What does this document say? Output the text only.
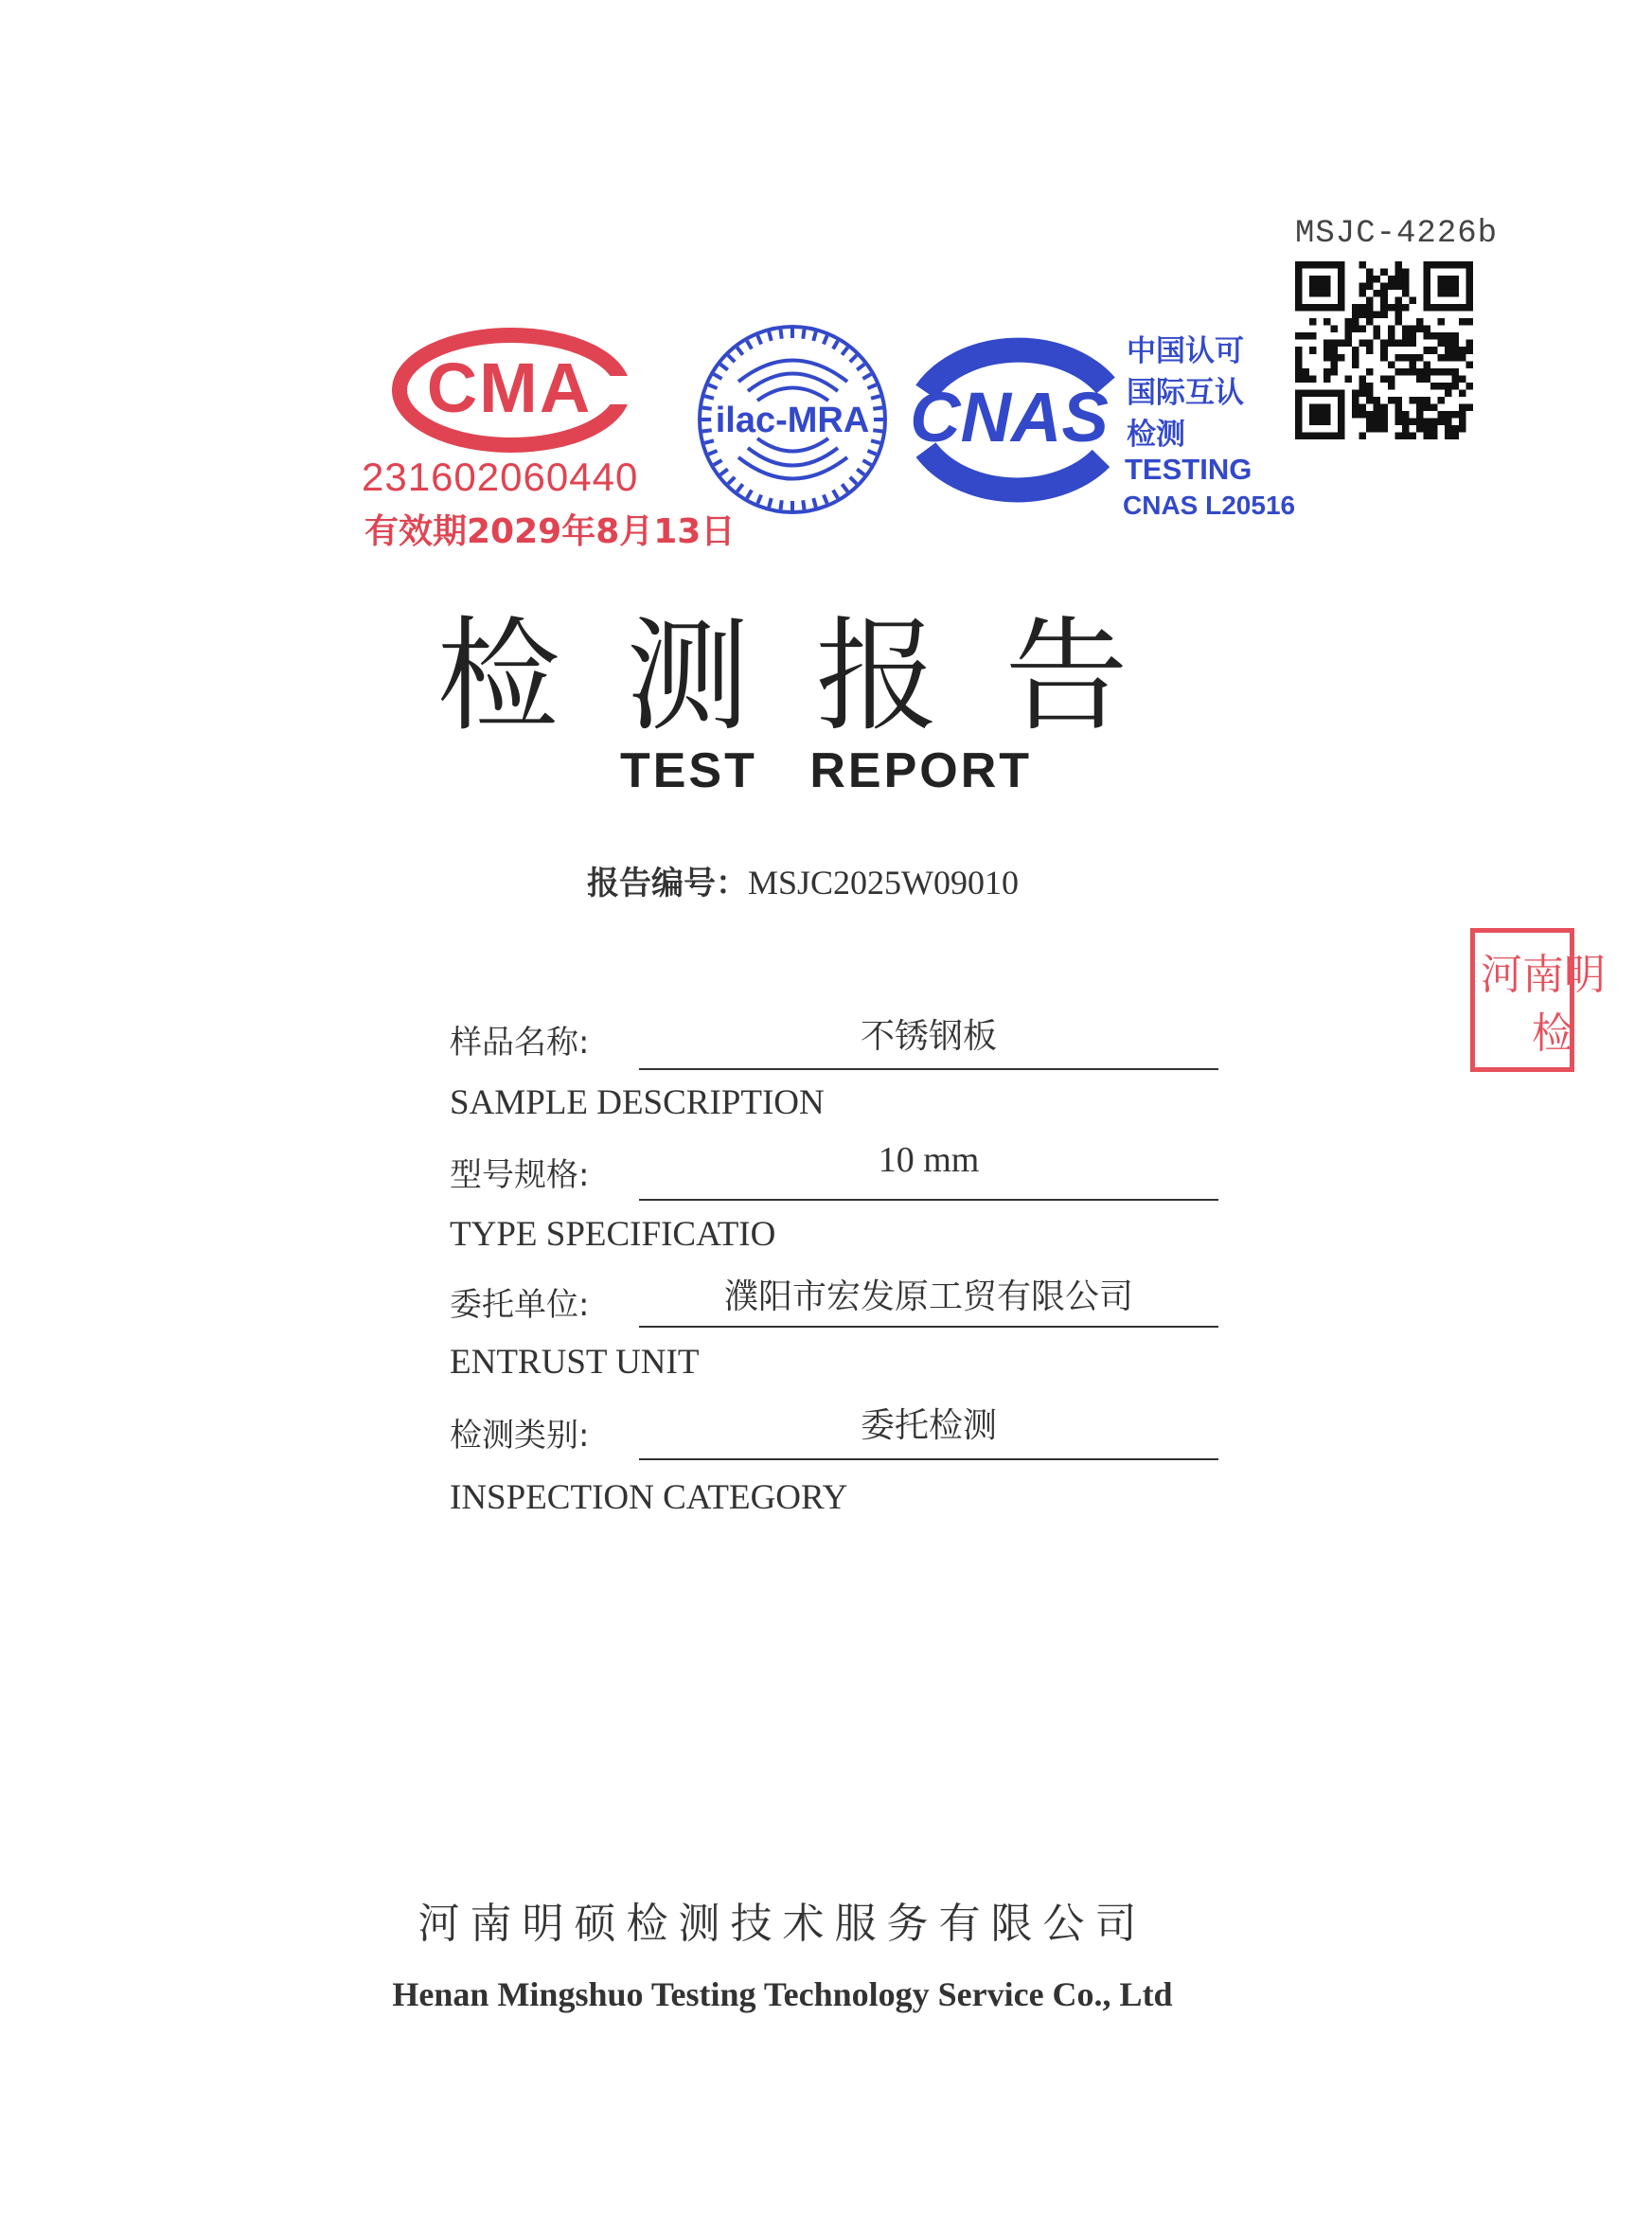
MSJC-4226b
CMA
231602060440
有效期2029年8月13日
ilac-MRA CNAS
中国认可
国际互认
检测
TESTING
CNAS L20516
检测报告
TEST REPORT
报告编号：MSJC2025W09010
河南明
检
样品名称:	不锈钢板
SAMPLE DESCRIPTION
型号规格:	10 mm
TYPE SPECIFICATIO
委托单位:	濮阳市宏发原工贸有限公司
ENTRUST UNIT
检测类别:	委托检测
INSPECTION CATEGORY
河南明硕检测技术服务有限公司
Henan Mingshuo Testing Technology Service Co., Ltd
